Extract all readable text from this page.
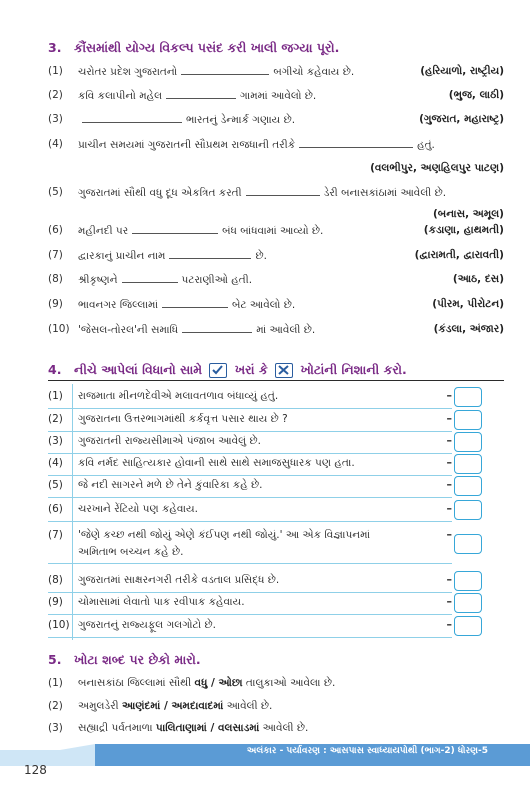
3. કૌંસમાંથી યોગ્ય વિકલ્પ પસંદ કરી ખાલી જગ્યા પૂરો.
(1)	ચરોતર પ્રદેશ ગુજરાતનો	બગીચો કહેવાય છે.	(હરિયાળો, રાષ્ટ્રીય)
(2)	કવિ કલાપીનો મહેલ	ગામમાં આવેલો છે.	(ભુજ, લાઠી)
(3)	ભારતનું ડેન્માર્ક ગણાય છે.	(ગુજરાત, મહારાષ્ટ્ર)
(4)	પ્રાચીન સમયમાં ગુજરાતની સૌપ્રથમ રાજધાની તરીકે	હતું.
(વલભીપુર, અણહિલપુર પાટણ)
(5)	ગુજરાતમાં સૌથી વધુ દૂધ એકત્રિત કરતી	ડેરી બનાસકાંઠામાં આવેલી છે.
(બનાસ, અમૂલ)
(6)	મહીનદી પર	બંધ બાંધવામાં આવ્યો છે.	(કડાણા, હાથમતી)
(7)	દ્વારકાનું પ્રાચીન નામ	છે.	(દ્વારામતી, દ્વારાવતી)
(8)	શ્રીકૃષ્ણને	પટરાણીઓ હતી.	(આઠ, દસ)
(9)	ભાવનગર જિલ્લામાં	બેટ આવેલો છે.	(પીરમ, પીરોટન)
(10) 'જેસલ-તોરલ'ની સમાધિ	માં આવેલી છે.	(કંડલા, અંજાર)
4. નીચે આપેલાં વિધાનો સામે	ખરાં કે	ખોટાંની નિશાની કરો.
(1) રાજમાતા મીનળદેવીએ મલાવતળાવ બંધાવ્યું હતું.	–
(2) ગુજરાતના ઉત્તરભાગમાંથી કર્કવૃત્ત પસાર થાય છે ?	–
(3) ગુજરાતની રાજ્યસીમાએ પંજાબ આવેલું છે.	–
(4) કવિ નર્મદ સાહિત્યકાર હોવાની સાથે સાથે સમાજસુધારક પણ હતા.	–
(5) જે નદી સાગરને મળે છે તેને કુંવારિકા કહે છે.	–
(6) ચરખાને રેંટિયો પણ કહેવાય.	–
(7) 'જેણે કચ્છ નથી જોયું એણે કંઈપણ નથી જોયું.' આ એક વિજ્ઞાપનમાં
અમિતાભ બચ્ચન કહે છે.
–
(8) ગુજરાતમાં સાક્ષરનગરી તરીકે વડતાલ પ્રસિદ્ધ છે.	–
(9) ચોમાસામાં લેવાતો પાક રવીપાક કહેવાય.	–
(10) ગુજરાતનું રાજ્યફૂલ ગલગોટો છે.	–
5. ખોટા શબ્દ પર છેકો મારો.
(1)	બનાસકાંઠા જિલ્લામાં સૌથી વધુ / ઓછા તાલુકાઓ આવેલા છે.
(2)	અમુલડેરી આણંદમાં / અમદાવાદમાં આવેલી છે.
(3)	સહ્યાદ્રી પર્વતમાળા પાલિતાણામાં / વલસાડમાં આવેલી છે.
અલંકાર - પર્યાવરણ : આસપાસ સ્વાધ્યાયપોથી (ભાગ-2) ધોરણ-5
128
